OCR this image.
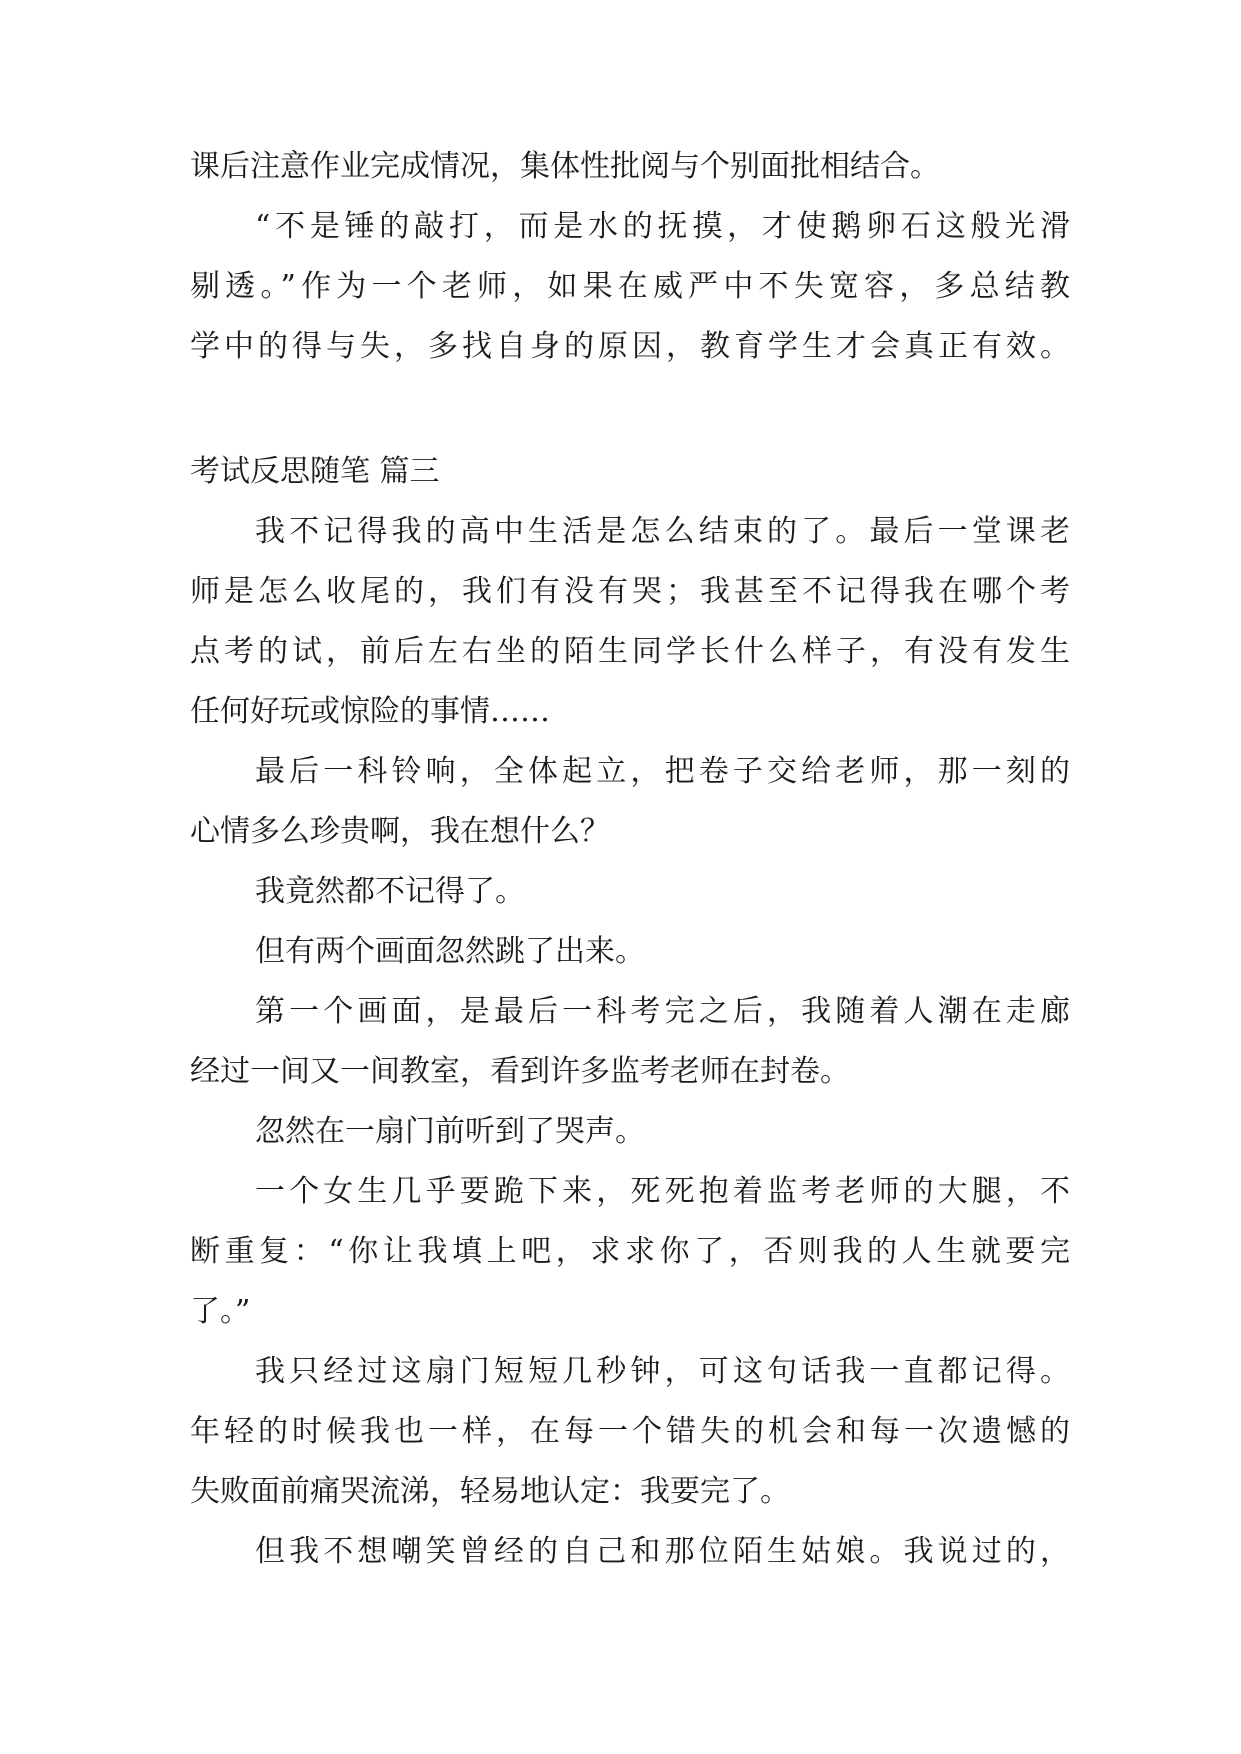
课后注意作业完成情况，集体性批阅与个别面批相结合。
“不是锤的敲打，而是水的抚摸，才使鹅卵石这般光滑
剔透。”作为一个老师，如果在威严中不失宽容，多总结教
学中的得与失，多找自身的原因，教育学生才会真正有效。
考试反思随笔 篇三
我不记得我的高中生活是怎么结束的了。最后一堂课老
师是怎么收尾的，我们有没有哭；我甚至不记得我在哪个考
点考的试，前后左右坐的陌生同学长什么样子，有没有发生
任何好玩或惊险的事情……
最后一科铃响，全体起立，把卷子交给老师，那一刻的
心情多么珍贵啊，我在想什么？
我竟然都不记得了。
但有两个画面忽然跳了出来。
第一个画面，是最后一科考完之后，我随着人潮在走廊
经过一间又一间教室，看到许多监考老师在封卷。
忽然在一扇门前听到了哭声。
一个女生几乎要跪下来，死死抱着监考老师的大腿，不
断重复：“你让我填上吧，求求你了，否则我的人生就要完
了。”
我只经过这扇门短短几秒钟，可这句话我一直都记得。
年轻的时候我也一样，在每一个错失的机会和每一次遗憾的
失败面前痛哭流涕，轻易地认定：我要完了。
但我不想嘲笑曾经的自己和那位陌生姑娘。我说过的，
